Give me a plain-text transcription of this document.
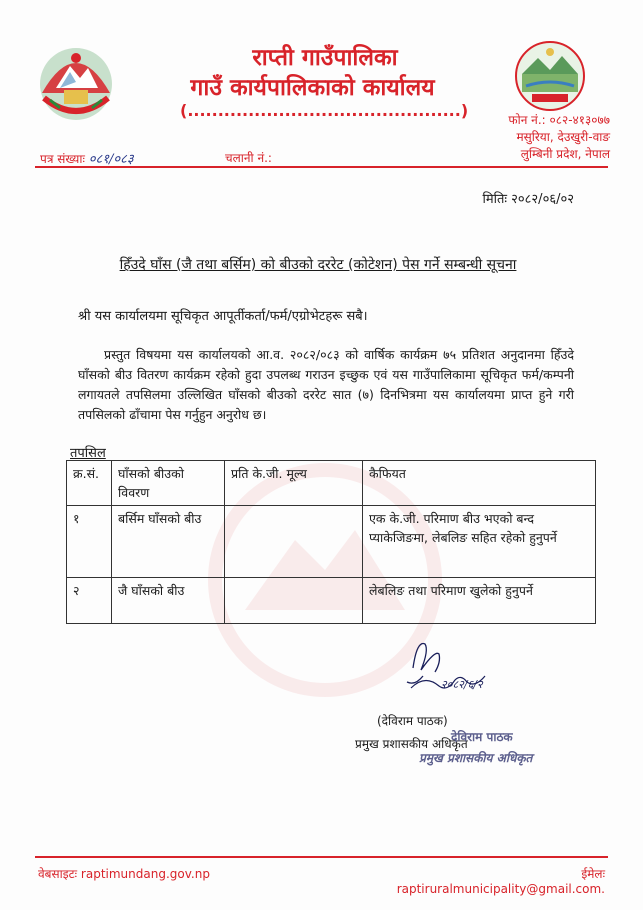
राप्ती गाउँपालिका
गाउँ कार्यपालिकाको कार्यालय
(.............................................)	फोन नं.: ०८२-४१३०७७
मसुरिया, देउखुरी-वाङ
लुम्बिनी प्रदेश, नेपाल
पत्र संख्याः ०८१/०८३	चलानी नं.:
मितिः २०८२/०६/०२
हिँउदे घाँस (जै तथा बर्सिम) को बीउको दररेट (कोटेशन) पेस गर्ने सम्बन्धी सूचना
श्री यस कार्यालयमा सूचिकृत आपूर्तीकर्ता/फर्म/एग्रोभेटहरू सबै।
प्रस्तुत विषयमा यस कार्यालयको आ.व. २०८२/०८३ को वार्षिक कार्यक्रम ७५ प्रतिशत अनुदानमा हिँउदे घाँसको बीउ वितरण कार्यक्रम रहेको हुदा उपलब्ध गराउन इच्छुक एवं यस गाउँपालिकामा सूचिकृत फर्म/कम्पनी लगायतले तपसिलमा उल्लिखित घाँसको बीउको दररेट सात (७) दिनभित्रमा यस कार्यालयमा प्राप्त हुने गरी तपसिलको ढाँचामा पेस गर्नुहुन अनुरोध छ।
तपसिल
क्र.सं.	घाँसको बीउको विवरण	प्रति के.जी. मूल्य	कैफियत
१	बर्सिम घाँसको बीउ		एक के.जी. परिमाण बीउ भएको बन्द प्याकेजिङमा, लेबलिङ सहित रहेको हुनुपर्ने
२	जै घाँसको बीउ		लेबलिङ तथा परिमाण खुलेको हुनुपर्ने
२०८२/६/२
(देविराम पाठक)
प्रमुख प्रशासकीय अधिकृत
देविराम पाठक
प्रमुख प्रशासकीय अधिकृत
वेबसाइटः raptimundang.gov.np	ईमेलः raptiruralmunicipality@gmail.com.
